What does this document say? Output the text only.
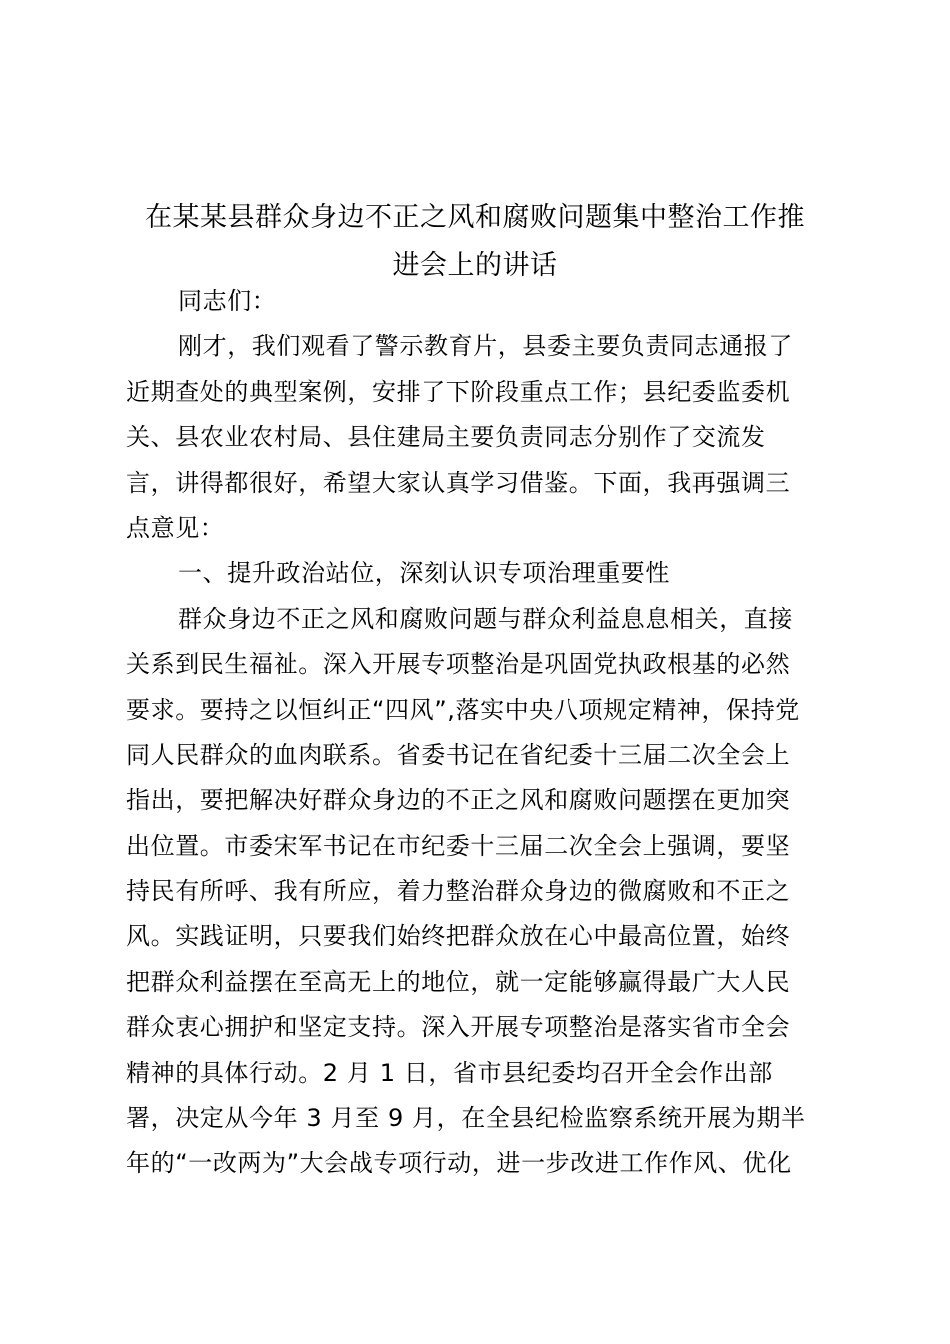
在某某县群众身边不正之风和腐败问题集中整治工作推
进会上的讲话
同志们：
刚才，我们观看了警示教育片，县委主要负责同志通报了
近期查处的典型案例，安排了下阶段重点工作；县纪委监委机
关、县农业农村局、县住建局主要负责同志分别作了交流发
言，讲得都很好，希望大家认真学习借鉴。下面，我再强调三
点意见：
一、提升政治站位，深刻认识专项治理重要性
群众身边不正之风和腐败问题与群众利益息息相关，直接
关系到民生福祉。深入开展专项整治是巩固党执政根基的必然
要求。要持之以恒纠正“四风”,落实中央八项规定精神，保持党
同人民群众的血肉联系。省委书记在省纪委十三届二次全会上
指出，要把解决好群众身边的不正之风和腐败问题摆在更加突
出位置。市委宋军书记在市纪委十三届二次全会上强调，要坚
持民有所呼、我有所应，着力整治群众身边的微腐败和不正之
风。实践证明，只要我们始终把群众放在心中最高位置，始终
把群众利益摆在至高无上的地位，就一定能够赢得最广大人民
群众衷心拥护和坚定支持。深入开展专项整治是落实省市全会
精神的具体行动。2 月 1 日，省市县纪委均召开全会作出部
署，决定从今年 3 月至 9 月，在全县纪检监察系统开展为期半
年的“一改两为”大会战专项行动，进一步改进工作作风、优化
